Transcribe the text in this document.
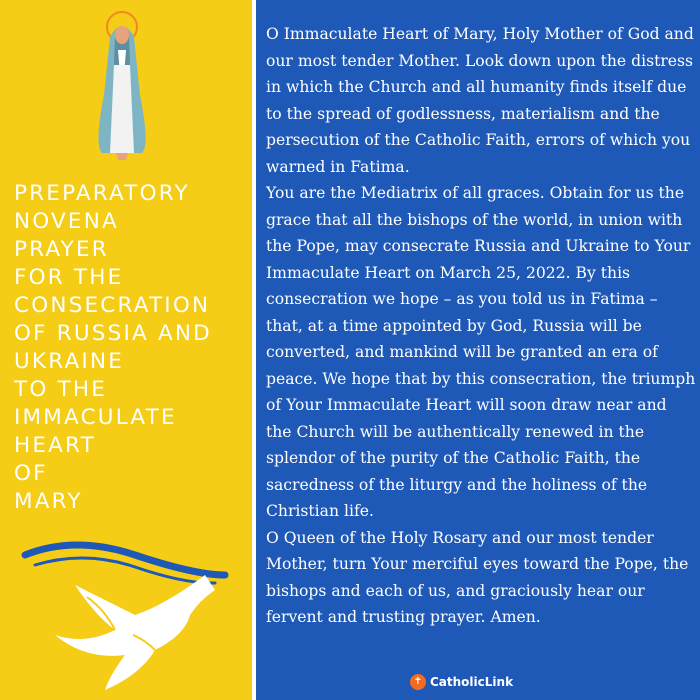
PREPARATORY
NOVENA
PRAYER
FOR THE
CONSECRATION
OF RUSSIA AND
UKRAINE
TO THE
IMMACULATE
HEART
OF
MARY

O Immaculate Heart of Mary, Holy Mother of God and our most tender Mother. Look down upon the distress in which the Church and all humanity finds itself due to the spread of godlessness, materialism and the persecution of the Catholic Faith, errors of which you warned in Fatima.

You are the Mediatrix of all graces. Obtain for us the grace that all the bishops of the world, in union with the Pope, may consecrate Russia and Ukraine to Your Immaculate Heart on March 25, 2022. By this consecration we hope – as you told us in Fatima – that, at a time appointed by God, Russia will be converted, and mankind will be granted an era of peace. We hope that by this consecration, the triumph of Your Immaculate Heart will soon draw near and the Church will be authentically renewed in the splendor of the purity of the Catholic Faith, the sacredness of the liturgy and the holiness of the Christian life.

O Queen of the Holy Rosary and our most tender Mother, turn Your merciful eyes toward the Pope, the bishops and each of us, and graciously hear our fervent and trusting prayer. Amen.

✝ CatholicLink
